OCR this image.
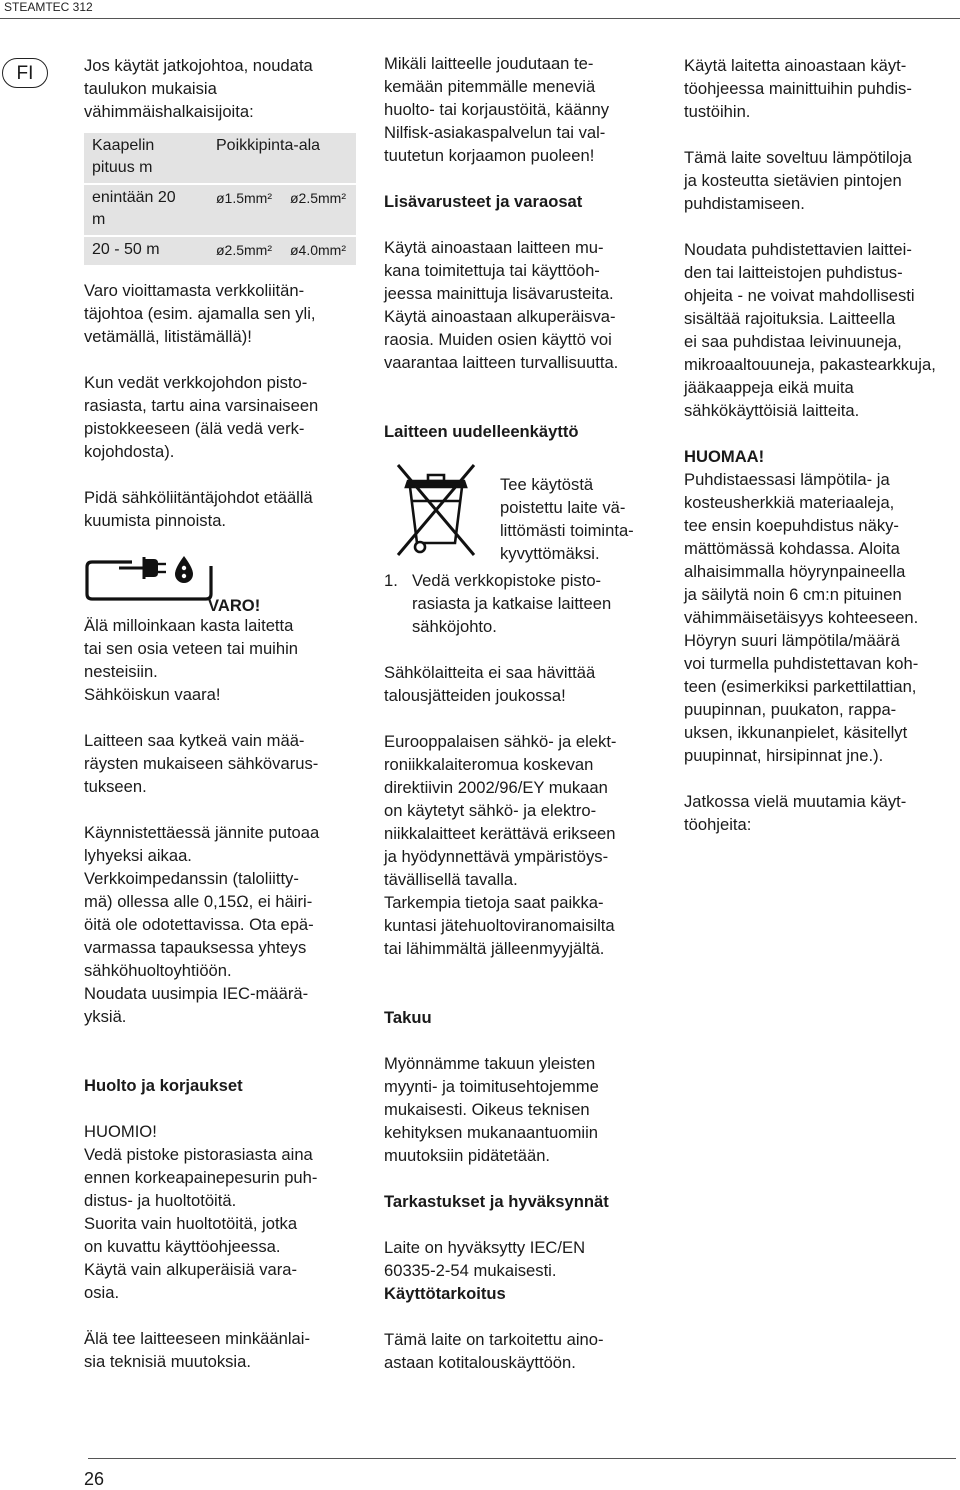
STEAMTEC 312
FI	Jos käytät jatkojohtoa, noudata
taulukon mukaisia
vähimmäishalkaisijoita:

Kaapelin
pituus m	Poikkipinta-ala	
enintään 20
m	ø1.5mm²	ø2.5mm²
20 - 50 m	ø2.5mm²	ø4.0mm²

Varo vioittamasta verkkoliitän-
täjohtoa (esim. ajamalla sen yli,
vetämällä, litistämällä)!

Kun vedät verkkojohdon pisto-
rasiasta, tartu aina varsinaiseen
pistokkeeseen (älä vedä verk-
kojohdosta).

Pidä sähköliitäntäjohdot etäällä
kuumista pinnoista.

VARO!

Älä milloinkaan kasta laitetta
tai sen osia veteen tai muihin
nesteisiin.
Sähköiskun vaara!

Laitteen saa kytkeä vain mää-
räysten mukaiseen sähkövarus-
tukseen.

Käynnistettäessä jännite putoaa
lyhyeksi aikaa.
Verkkoimpedanssin (taloliitty-
mä) ollessa alle 0,15Ω, ei häiri-
öitä ole odotettavissa. Ota epä-
varmassa tapauksessa yhteys
sähköhuoltoyhtiöön.
Noudata uusimpia IEC-määrä-
yksiä.

Huolto ja korjaukset

HUOMIO!
Vedä pistoke pistorasiasta aina
ennen korkeapainepesurin puh-
distus- ja huoltotöitä.
Suorita vain huoltotöitä, jotka
on kuvattu käyttöohjeessa.
Käytä vain alkuperäisiä vara-
osia.

Älä tee laitteeseen minkäänlai-
sia teknisiä muutoksia.

Mikäli laitteelle joudutaan te-
kemään pitemmälle meneviä
huolto- tai korjaustöitä, käänny
Nilfisk-asiakaspalvelun tai val-
tuutetun korjaamon puoleen!

Lisävarusteet ja varaosat

Käytä ainoastaan laitteen mu-
kana toimitettuja tai käyttöoh-
jeessa mainittuja lisävarusteita.
Käytä ainoastaan alkuperäisva-
raosia. Muiden osien käyttö voi
vaarantaa laitteen turvallisuutta.

Laitteen uudelleenkäyttö

Tee käytöstä
poistettu laite vä-
littömästi toiminta-
kyvyttömäksi.

1. Vedä verkkopistoke pisto-
rasiasta ja katkaise laitteen
sähköjohto.

Sähkölaitteita ei saa hävittää
talousjätteiden joukossa!

Eurooppalaisen sähkö- ja elekt-
roniikkalaiteromua koskevan
direktiivin 2002/96/EY mukaan
on käytetyt sähkö- ja elektro-
niikkalaitteet kerättävä erikseen
ja hyödynnettävä ympäristöys-
tävällisellä tavalla.
Tarkempia tietoja saat paikka-
kuntasi jätehuoltoviranomaisilta
tai lähimmältä jälleenmyyjältä.

Takuu

Myönnämme takuun yleisten
myynti- ja toimitusehtojemme
mukaisesti. Oikeus teknisen
kehityksen mukanaantuomiin
muutoksiin pidätetään.

Tarkastukset ja hyväksynnät

Laite on hyväksytty IEC/EN
60335-2-54 mukaisesti.

Käyttötarkoitus

Tämä laite on tarkoitettu aino-
astaan kotitalouskäyttöön.

Käytä laitetta ainoastaan käyt-
töohjeessa mainittuihin puhdis-
tustöihin.

Tämä laite soveltuu lämpötiloja
ja kosteutta sietävien pintojen
puhdistamiseen.

Noudata puhdistettavien laittei-
den tai laitteistojen puhdistus-
ohjeita - ne voivat mahdollisesti
sisältää rajoituksia. Laitteella
ei saa puhdistaa leivinuuneja,
mikroaaltouuneja, pakastearkkuja,
jääkaappeja eikä muita
sähkökäyttöisiä laitteita.

HUOMAA!

Puhdistaessasi lämpötila- ja
kosteusherkkiä materiaaleja,
tee ensin koepuhdistus näky-
mättömässä kohdassa. Aloita
alhaisimmalla höyrynpaineella
ja säilytä noin 6 cm:n pituinen
vähimmäisetäisyys kohteeseen.
Höyryn suuri lämpötila/määrä
voi turmella puhdistettavan koh-
teen (esimerkiksi parkettilattian,
puupinnan, puukaton, rappa-
uksen, ikkunanpielet, käsitellyt
puupinnat, hirsipinnat jne.).

Jatkossa vielä muutamia käyt-
töohjeita:

26
